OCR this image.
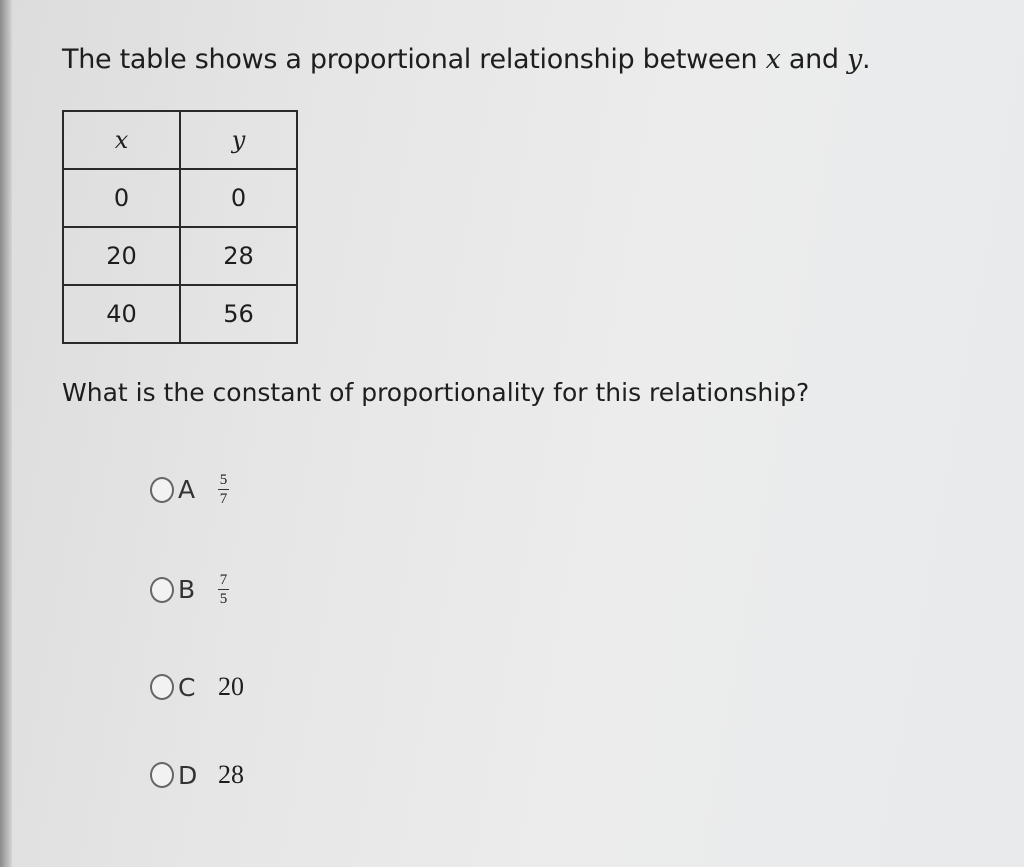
The table shows a proportional relationship between x and y.
x	y
0	0
20	28
40	56
What is the constant of proportionality for this relationship?
A	$\frac{5}{7}$
B	$\frac{7}{5}$
C 20
D 28
